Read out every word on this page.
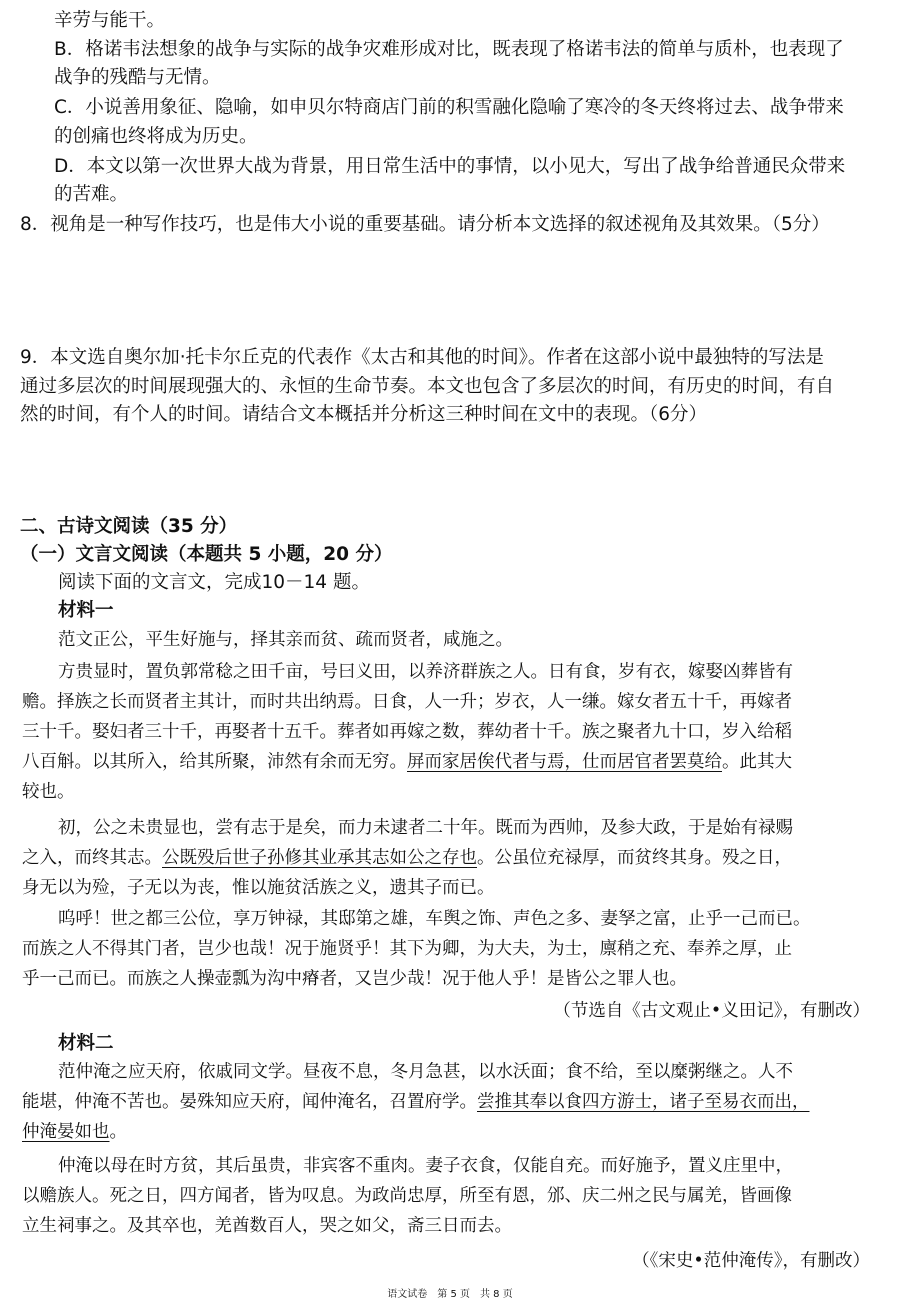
辛劳与能干。
B．格诺韦法想象的战争与实际的战争灾难形成对比，既表现了格诺韦法的简单与质朴，也表现了
战争的残酷与无情。
C．小说善用象征、隐喻，如申贝尔特商店门前的积雪融化隐喻了寒冷的冬天终将过去、战争带来
的创痛也终将成为历史。
D．本文以第一次世界大战为背景，用日常生活中的事情，以小见大，写出了战争给普通民众带来
的苦难。
8．视角是一种写作技巧，也是伟大小说的重要基础。请分析本文选择的叙述视角及其效果。（5分）
9．本文选自奥尔加·托卡尔丘克的代表作《太古和其他的时间》。作者在这部小说中最独特的写法是
通过多层次的时间展现强大的、永恒的生命节奏。本文也包含了多层次的时间，有历史的时间，有自
然的时间，有个人的时间。请结合文本概括并分析这三种时间在文中的表现。（6分）
二、古诗文阅读（35 分）
（一）文言文阅读（本题共 5 小题，20 分）
阅读下面的文言文，完成10－14 题。
材料一
范文正公，平生好施与，择其亲而贫、疏而贤者，咸施之。
方贵显时，置负郭常稔之田千亩，号曰义田，以养济群族之人。日有食，岁有衣，嫁娶凶葬皆有
赡。择族之长而贤者主其计，而时共出纳焉。日食，人一升；岁衣，人一缣。嫁女者五十千，再嫁者
三十千。娶妇者三十千，再娶者十五千。葬者如再嫁之数，葬幼者十千。族之聚者九十口，岁入给稻
八百斛。以其所入，给其所聚，沛然有余而无穷。屏而家居俟代者与焉，仕而居官者罢莫给。此其大
较也。
初，公之未贵显也，尝有志于是矣，而力未逮者二十年。既而为西帅，及参大政，于是始有禄赐
之入，而终其志。公既殁后世子孙修其业承其志如公之存也。公虽位充禄厚，而贫终其身。殁之日，
身无以为殓，子无以为丧，惟以施贫活族之义，遗其子而已。
呜呼！世之都三公位，享万钟禄，其邸第之雄，车舆之饰、声色之多、妻孥之富，止乎一己而已。
而族之人不得其门者，岂少也哉！况于施贤乎！其下为卿，为大夫，为士，廪稍之充、奉养之厚，止
乎一己而已。而族之人操壶瓢为沟中瘠者，又岂少哉！况于他人乎！是皆公之罪人也。
（节选自《古文观止•义田记》，有删改）
材料二
范仲淹之应天府，依戚同文学。昼夜不息，冬月急甚，以水沃面；食不给，至以糜粥继之。人不
能堪，仲淹不苦也。晏殊知应天府，闻仲淹名，召置府学。尝推其奉以食四方游士，诸子至易衣而出，
仲淹晏如也。
仲淹以母在时方贫，其后虽贵，非宾客不重肉。妻子衣食，仅能自充。而好施予，置义庄里中，
以赡族人。死之日，四方闻者，皆为叹息。为政尚忠厚，所至有恩，邠、庆二州之民与属羌，皆画像
立生祠事之。及其卒也，羌酋数百人，哭之如父，斋三日而去。
（《宋史•范仲淹传》，有删改）
语文试卷　第 5 页　共 8 页
